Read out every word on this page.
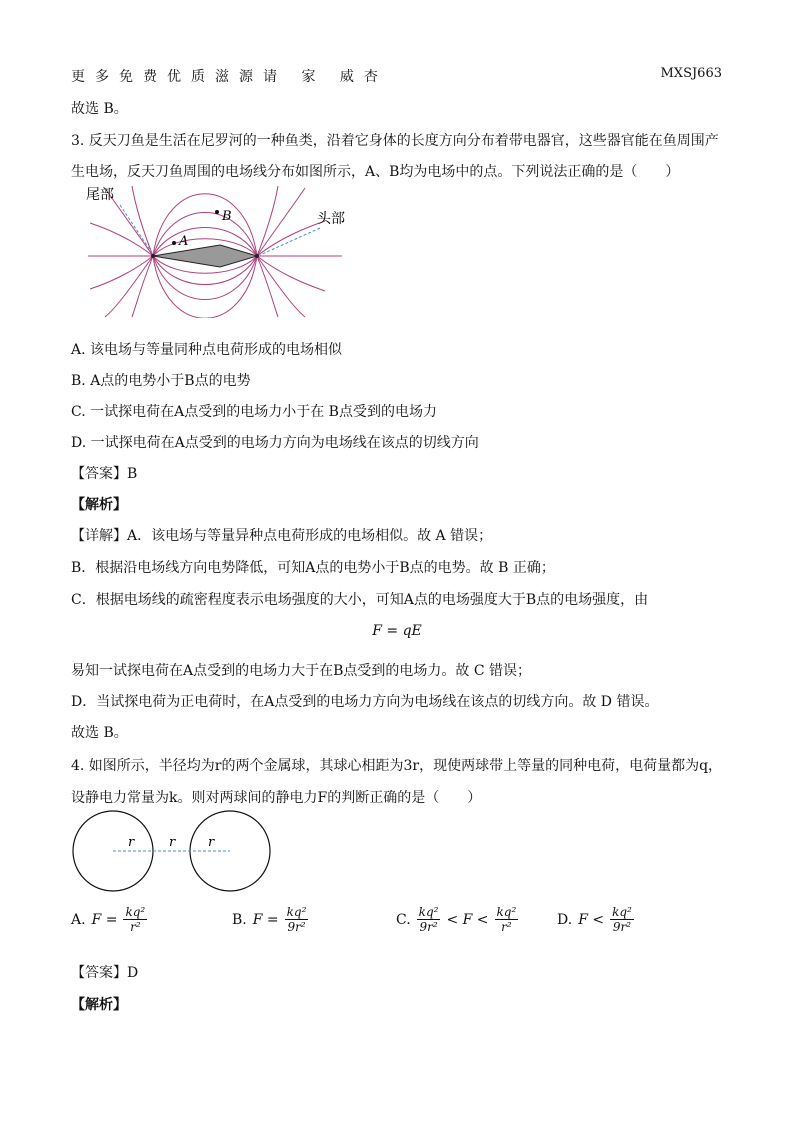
更多免费优质滋源请 家 威杏	MXSJ663
故选 B。
3. 反天刀鱼是生活在尼罗河的一种鱼类，沿着它身体的长度方向分布着带电器官，这些器官能在鱼周围产
生电场，反天刀鱼周围的电场线分布如图所示，A、B均为电场中的点。下列说法正确的是（　　）
A
B
尾部
头部
A. 该电场与等量同种点电荷形成的电场相似
B. A点的电势小于B点的电势
C. 一试探电荷在A点受到的电场力小于在 B点受到的电场力
D. 一试探电荷在A点受到的电场力方向为电场线在该点的切线方向
【答案】B
【解析】
【详解】A．该电场与等量异种点电荷形成的电场相似。故 A 错误；
B．根据沿电场线方向电势降低，可知A点的电势小于B点的电势。故 B 正确；
C．根据电场线的疏密程度表示电场强度的大小，可知A点的电场强度大于B点的电场强度，由
F = qE
易知一试探电荷在A点受到的电场力大于在B点受到的电场力。故 C 错误；
D．当试探电荷为正电荷时，在A点受到的电场力方向为电场线在该点的切线方向。故 D 错误。
故选 B。
4. 如图所示，半径均为r的两个金属球，其球心相距为3r，现使两球带上等量的同种电荷，电荷量都为q，
设静电力常量为k。则对两球间的静电力F的判断正确的是（　　）
r	r	r
A. $F = \frac{\text{kq²}}{\text{r²}}$	B. $F = \frac{\text{kq²}}{\text{9r²}}$	C. $\frac{\text{kq²}}{\text{9r²}} < F < \frac{\text{kq²}}{\text{r²}}$	D. $F < \frac{\text{kq²}}{\text{9r²}}$
【答案】D
【解析】
